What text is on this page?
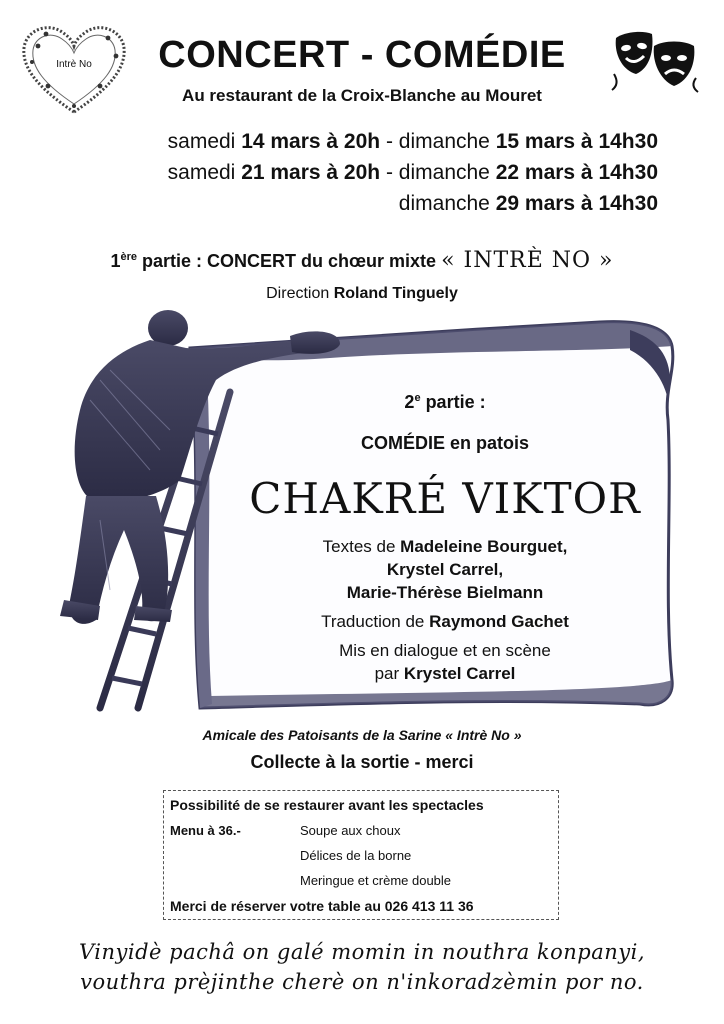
Intrè No	CONCERT - COMÉDIE
Au restaurant de la Croix-Blanche au Mouret
samedi 14 mars à 20h - dimanche 15 mars à 14h30
samedi 21 mars à 20h - dimanche 22 mars à 14h30
dimanche 29 mars à 14h30
1ère partie : CONCERT du chœur mixte « INTRÈ NO »
Direction Roland Tinguely
2e partie :
COMÉDIE en patois
CHAKRÉ VIKTOR
Textes de Madeleine Bourguet,
Krystel Carrel,
Marie-Thérèse Bielmann
Traduction de Raymond Gachet
Mis en dialogue et en scène
par Krystel Carrel
Amicale des Patoisants de la Sarine « Intrè No »
Collecte à la sortie - merci
Possibilité de se restaurer avant les spectacles
Menu à 36.-	Soupe aux choux
Délices de la borne
Meringue et crème double
Merci de réserver votre table au 026 413 11 36
Vinyidè pachâ on galé momin in nouthra konpanyi,
vouthra prèjinthe cherè on n'inkoradzèmin por no.
